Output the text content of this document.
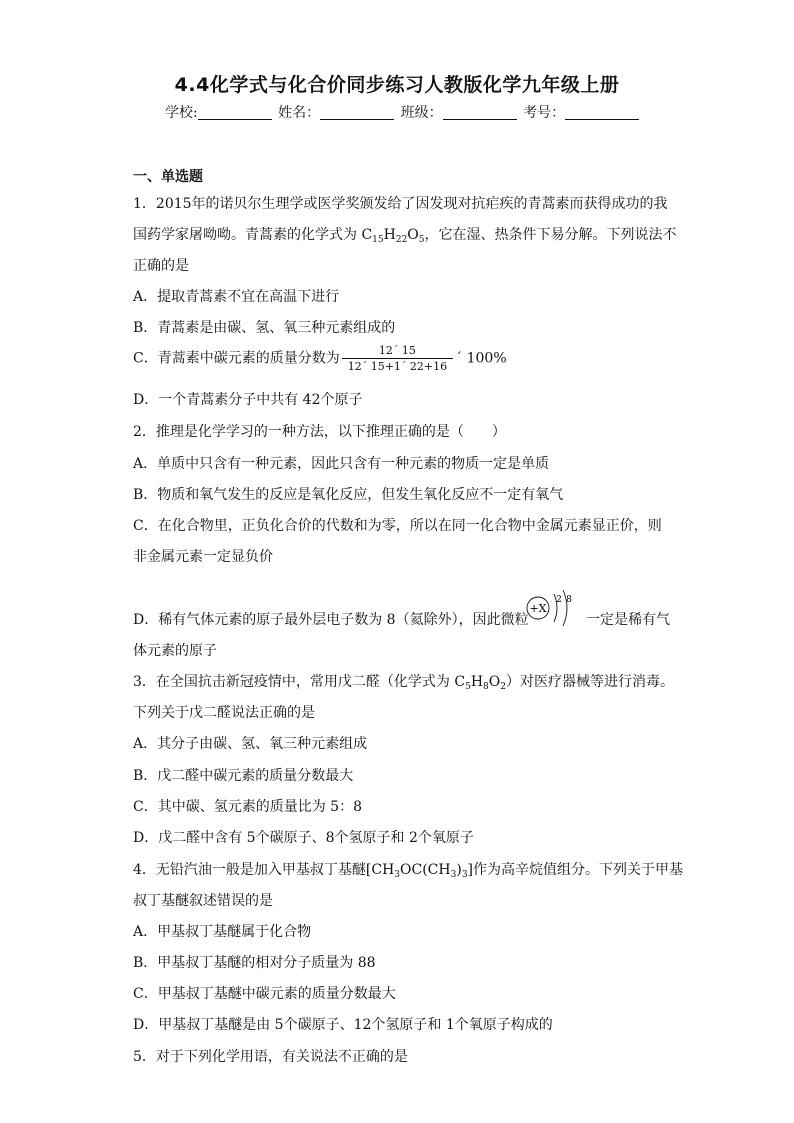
4.4化学式与化合价同步练习人教版化学九年级上册
学校:	姓名：	班级：	考号：
一、单选题
1．2015年的诺贝尔生理学或医学奖颁发给了因发现对抗疟疾的青蒿素而获得成功的我
国药学家屠呦呦。青蒿素的化学式为 $C_{15}H_{22}O_5$，它在湿、热条件下易分解。下列说法不
正确的是
A．提取青蒿素不宜在高温下进行
B．青蒿素是由碳、氢、氧三种元素组成的
C．青蒿素中碳元素的质量分数为 $\frac{12´ 15}{12´ 15+1´ 22+16}$ ´ 100%
D．一个青蒿素分子中共有 42个原子
2．推理是化学学习的一种方法，以下推理正确的是（　　）
A．单质中只含有一种元素，因此只含有一种元素的物质一定是单质
B．物质和氧气发生的反应是氧化反应，但发生氧化反应不一定有氧气
C．在化合物里，正负化合价的代数和为零，所以在同一化合物中金属元素显正价，则
非金属元素一定显负价
D．稀有气体元素的原子最外层电子数为 8（氦除外），因此微粒
+X
2 8
一定是稀有气
体元素的原子
3．在全国抗击新冠疫情中，常用戊二醛（化学式为 $C_5H_8O_2$）对医疗器械等进行消毒。
下列关于戊二醛说法正确的是
A．其分子由碳、氢、氧三种元素组成
B．戊二醛中碳元素的质量分数最大
C．其中碳、氢元素的质量比为 5：8
D．戊二醛中含有 5个碳原子、8个氢原子和 2个氧原子
4．无铅汽油一般是加入甲基叔丁基醚$[CH_3OC(CH_3)_3]$作为高辛烷值组分。下列关于甲基
叔丁基醚叙述错误的是
A．甲基叔丁基醚属于化合物
B．甲基叔丁基醚的相对分子质量为 88
C．甲基叔丁基醚中碳元素的质量分数最大
D．甲基叔丁基醚是由 5个碳原子、12个氢原子和 1个氧原子构成的
5．对于下列化学用语，有关说法不正确的是
